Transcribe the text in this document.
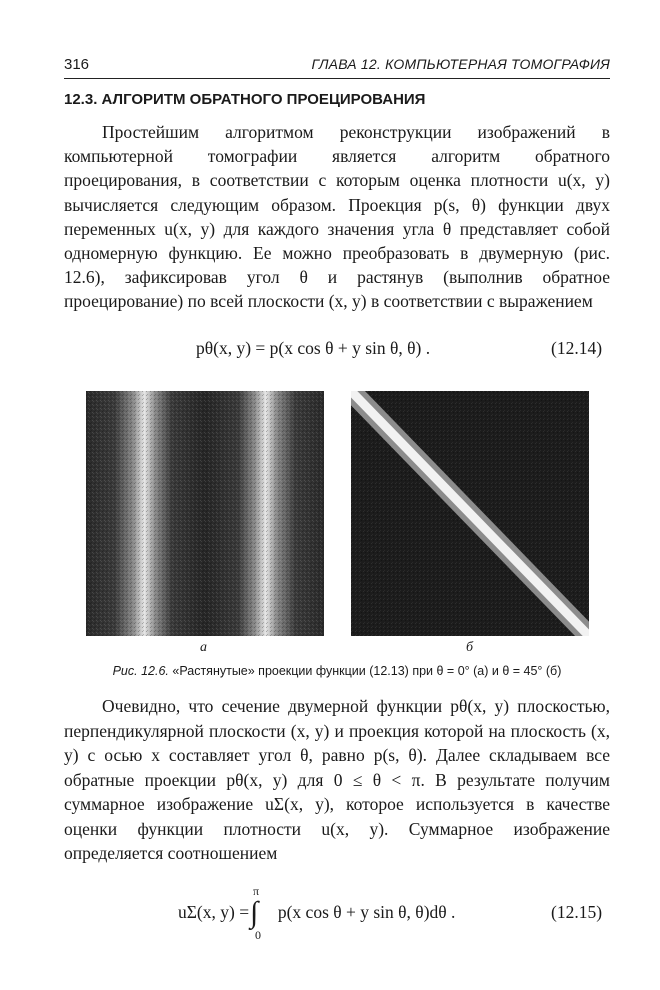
316	ГЛАВА 12. КОМПЬЮТЕРНАЯ ТОМОГРАФИЯ
12.3. АЛГОРИТМ ОБРАТНОГО ПРОЕЦИРОВАНИЯ

Простейшим алгоритмом реконструкции изображений в компьютерной томографии является алгоритм обратного проецирования, в соответствии с которым оценка плотности u(x, y) вычисляется следующим образом. Проекция p(s, θ) функции двух переменных u(x, y) для каждого значения угла θ представляет собой одномерную функцию. Ее можно преобразовать в двумерную (рис. 12.6), зафиксировав угол θ и растянув (выполнив обратное проецирование) по всей плоскости (x, y) в соответствии с выражением

pθ(x, y) = p(x cos θ + y sin θ, θ) .	(12.14)
а	б
Рис. 12.6. «Растянутые» проекции функции (12.13) при θ = 0° (а) и θ = 45° (б)

Очевидно, что сечение двумерной функции pθ(x, y) плоскостью, перпендикулярной плоскости (x, y) и проекция которой на плоскость (x, y) с осью x составляет угол θ, равно p(s, θ). Далее складываем все обратные проекции pθ(x, y) для 0 ≤ θ < π. В результате получим суммарное изображение uΣ(x, y), которое используется в качестве оценки функции плотности u(x, y). Суммарное изображение определяется соотношением

uΣ(x, y) = p(x cos θ + y sin θ, θ)dθ .
∫
π
0
(12.15)
